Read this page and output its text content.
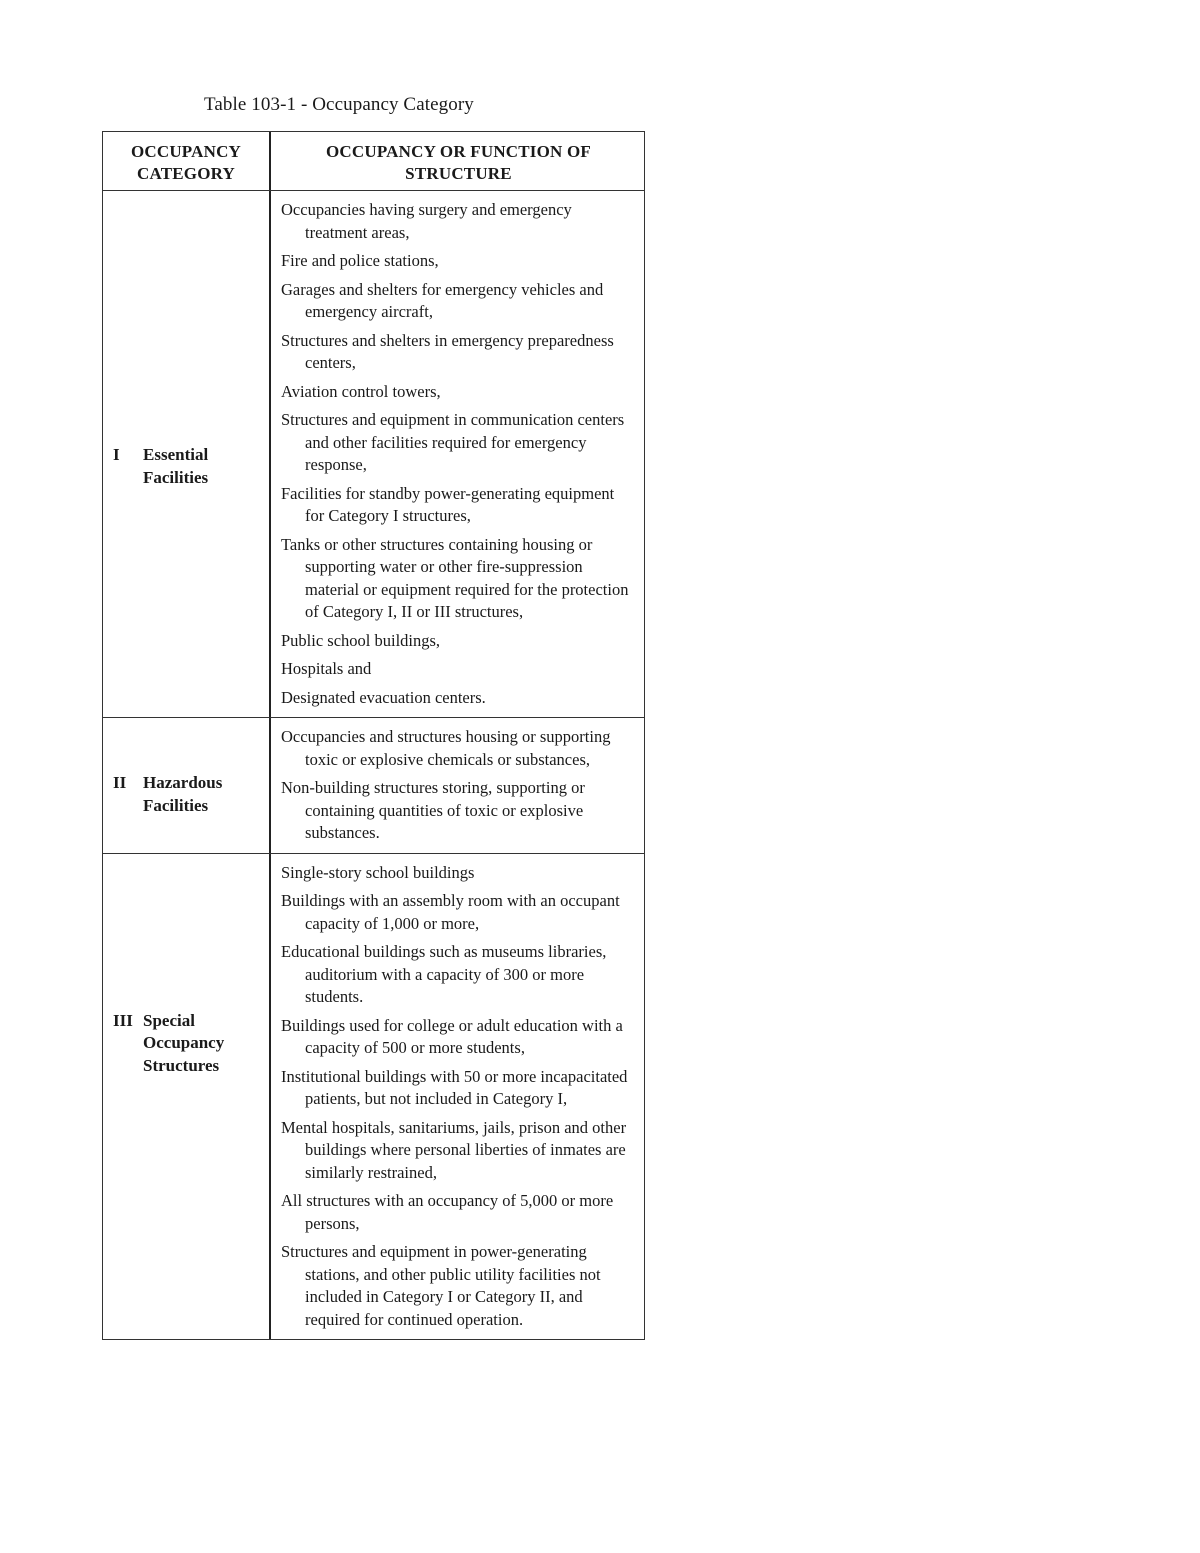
Table 103-1 - Occupancy Category
OCCUPANCY CATEGORY
OCCUPANCY OR FUNCTION OF STRUCTURE
I	Essential Facilities
Occupancies having surgery and emergency treatment areas,
Fire and police stations,
Garages and shelters for emergency vehicles and emergency aircraft,
Structures and shelters in emergency preparedness centers,
Aviation control towers,
Structures and equipment in communication centers and other facilities required for emergency response,
Facilities for standby power-generating equipment for Category I structures,
Tanks or other structures containing housing or supporting water or other fire-suppression material or equipment required for the protection of Category I, II or III structures,
Public school buildings,
Hospitals and
Designated evacuation centers.
II Hazardous Facilities
Occupancies and structures housing or supporting toxic or explosive chemicals or substances,
Non-building structures storing, supporting or containing quantities of toxic or explosive substances.
III Special Occupancy Structures
Single-story school buildings
Buildings with an assembly room with an occupant capacity of 1,000 or more,
Educational buildings such as museums libraries, auditorium with a capacity of 300 or more students.
Buildings used for college or adult education with a capacity of 500 or more students,
Institutional buildings with 50 or more incapacitated patients, but not included in Category I,
Mental hospitals, sanitariums, jails, prison and other buildings where personal liberties of inmates are similarly restrained,
All structures with an occupancy of 5,000 or more persons,
Structures and equipment in power-generating stations, and other public utility facilities not included in Category I or Category II, and required for continued operation.
